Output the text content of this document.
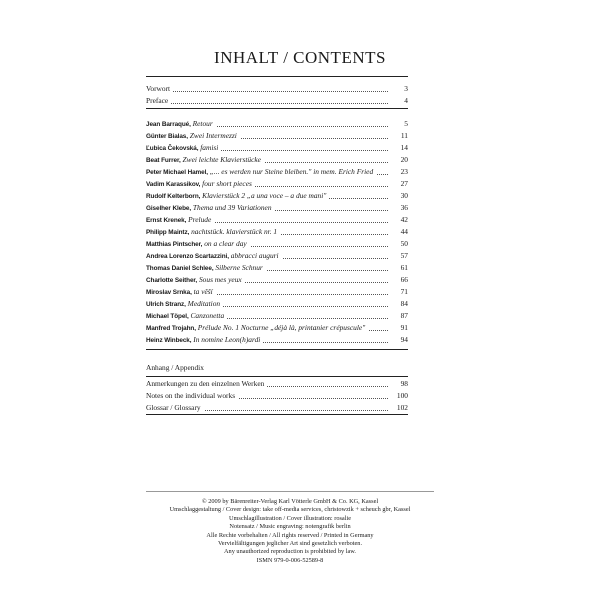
INHALT / CONTENTS
Vorwort	3
Preface	4
Jean Barraqué, Retour	5
Günter Bialas, Zwei Intermezzi	11
Ľubica Čekovská, famisi	14
Beat Furrer, Zwei leichte Klavierstücke	20
Peter Michael Hamel, „... es werden nur Steine bleiben." in mem. Erich Fried	23
Vadim Karassikov, four short pieces	27
Rudolf Kelterborn, Klavierstück 2 „a una voce – a due mani"	30
Giselher Klebe, Thema und 39 Variationen	36
Ernst Krenek, Prelude	42
Philipp Maintz, nachtstück. klavierstück nr. 1	44
Matthias Pintscher, on a clear day	50
Andrea Lorenzo Scartazzini, abbracci auguri	57
Thomas Daniel Schlee, Silberne Schnur	61
Charlotte Seither, Sous mes yeux	66
Miroslav Srnka, ta věší	71
Ulrich Stranz, Meditation	84
Michael Töpel, Canzonetta	87
Manfred Trojahn, Prélude No. 1 Nocturne „déjà là, printanier crépuscule"	91
Heinz Winbeck, In nomine Leon(h)ardi	94
Anhang / Appendix
Anmerkungen zu den einzelnen Werken	98
Notes on the individual works	100
Glossar / Glossary	102
© 2009 by Bärenreiter-Verlag Karl Vötterle GmbH & Co. KG, Kassel
Umschlaggestaltung / Cover design: take off-media services, christowzik + scheuch gbr, Kassel
Umschlagillustration / Cover illustration: rosalie
Notensatz / Music engraving: notengrafik berlin
Alle Rechte vorbehalten / All rights reserved / Printed in Germany
Vervielfältigungen jeglicher Art sind gesetzlich verboten.
Any unauthorized reproduction is prohibited by law.
ISMN 979-0-006-52589-8
